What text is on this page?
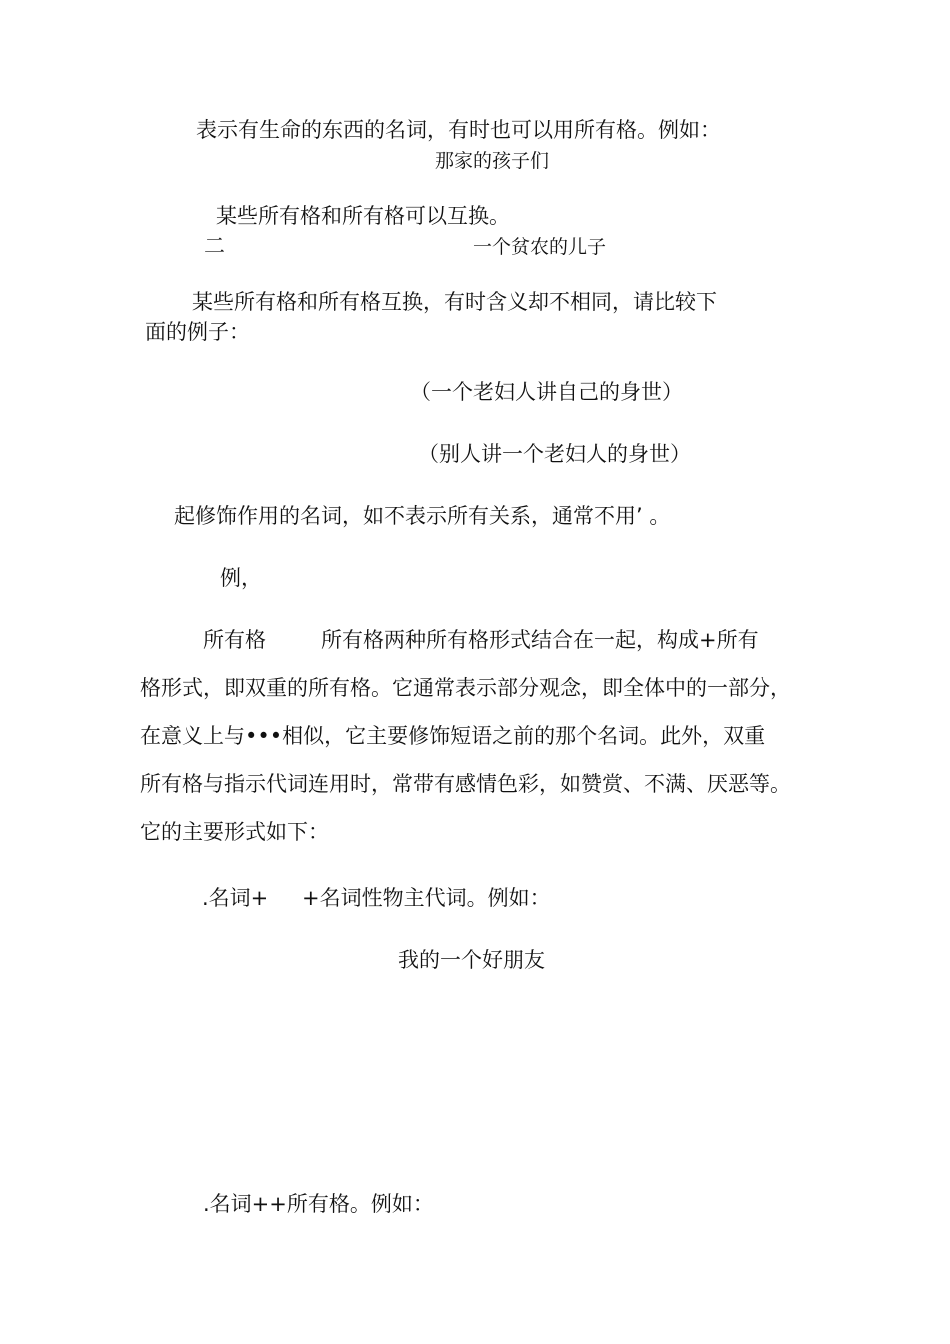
表示有生命的东西的名词，有时也可以用所有格。例如：
那家的孩子们
某些所有格和所有格可以互换。
二	一个贫农的儿子
某些所有格和所有格互换，有时含义却不相同，请比较下
面的例子：
（一个老妇人讲自己的身世）
（别人讲一个老妇人的身世）
起修饰作用的名词，如不表示所有关系，通常不用’ 。
例，
所有格	所有格两种所有格形式结合在一起，构成+所有
格形式，即双重的所有格。它通常表示部分观念，即全体中的一部分，
在意义上与•••相似，它主要修饰短语之前的那个名词。此外，双重
所有格与指示代词连用时，常带有感情色彩，如赞赏、不满、厌恶等。
它的主要形式如下：
.名词+ +名词性物主代词。例如：
我的一个好朋友
.名词++所有格。例如：
